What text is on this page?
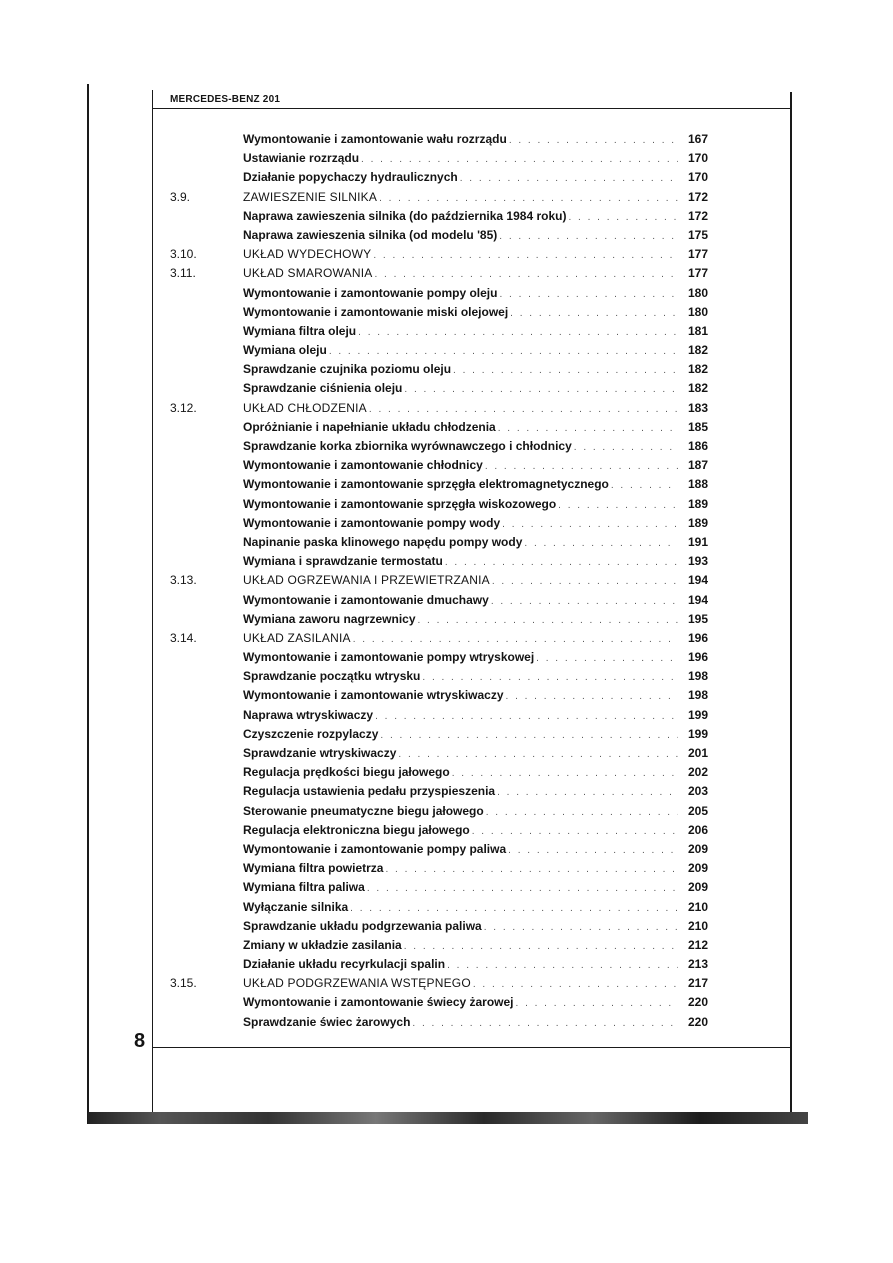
MERCEDES-BENZ 201
Wymontowanie i zamontowanie wału rozrządu . . .	167
Ustawianie rozrządu . . .	170
Działanie popychaczy hydraulicznych . . .	170
3.9.	ZAWIESZENIE SILNIKA . . .	172
Naprawa zawieszenia silnika (do października 1984 roku) . . .	172
Naprawa zawieszenia silnika (od modelu '85) . . .	175
3.10.	UKŁAD WYDECHOWY . . .	177
3.11.	UKŁAD SMAROWANIA . . .	177
Wymontowanie i zamontowanie pompy oleju . . .	180
Wymontowanie i zamontowanie miski olejowej . . .	180
Wymiana filtra oleju . . .	181
Wymiana oleju . . .	182
Sprawdzanie czujnika poziomu oleju . . .	182
Sprawdzanie ciśnienia oleju . . .	182
3.12.	UKŁAD CHŁODZENIA . . .	183
Opróżnianie i napełnianie układu chłodzenia . . .	185
Sprawdzanie korka zbiornika wyrównawczego i chłodnicy . . .	186
Wymontowanie i zamontowanie chłodnicy . . .	187
Wymontowanie i zamontowanie sprzęgła elektromagnetycznego . . .	188
Wymontowanie i zamontowanie sprzęgła wiskozowego . . .	189
Wymontowanie i zamontowanie pompy wody . . .	189
Napinanie paska klinowego napędu pompy wody . . .	191
Wymiana i sprawdzanie termostatu . . .	193
3.13.	UKŁAD OGRZEWANIA I PRZEWIETRZANIA . . .	194
Wymontowanie i zamontowanie dmuchawy . . .	194
Wymiana zaworu nagrzewnicy . . .	195
3.14.	UKŁAD ZASILANIA . . .	196
Wymontowanie i zamontowanie pompy wtryskowej . . .	196
Sprawdzanie początku wtrysku . . .	198
Wymontowanie i zamontowanie wtryskiwaczy . . .	198
Naprawa wtryskiwaczy . . .	199
Czyszczenie rozpylaczy . . .	199
Sprawdzanie wtryskiwaczy . . .	201
Regulacja prędkości biegu jałowego . . .	202
Regulacja ustawienia pedału przyspieszenia . . .	203
Sterowanie pneumatyczne biegu jałowego . . .	205
Regulacja elektroniczna biegu jałowego . . .	206
Wymontowanie i zamontowanie pompy paliwa . . .	209
Wymiana filtra powietrza . . .	209
Wymiana filtra paliwa . . .	209
Wyłączanie silnika . . .	210
Sprawdzanie układu podgrzewania paliwa . . .	210
Zmiany w układzie zasilania . . .	212
Działanie układu recyrkulacji spalin . . .	213
3.15.	UKŁAD PODGRZEWANIA WSTĘPNEGO . . .	217
Wymontowanie i zamontowanie świecy żarowej . . .	220
Sprawdzanie świec żarowych . . .	220
8
